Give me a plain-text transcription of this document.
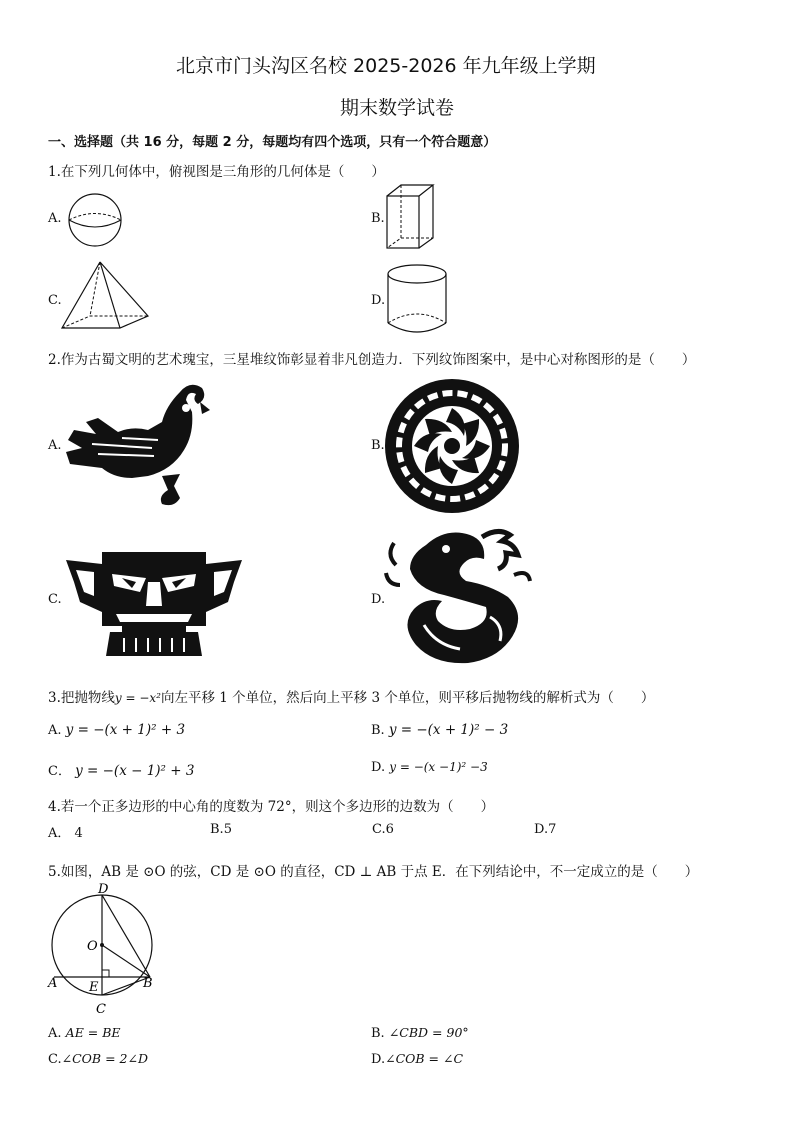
北京市门头沟区名校 2025-2026 年九年级上学期
期末数学试卷
一、选择题（共 16 分，每题 2 分，每题均有四个选项，只有一个符合题意）
1.在下列几何体中，俯视图是三角形的几何体是（　　）
A.	B.
C.	D.
2.作为古蜀文明的艺术瑰宝，三星堆纹饰彰显着非凡创造力．下列纹饰图案中，是中心对称图形的是（　　）
A.	B.
C.	D.
3.把抛物线y = −x²向左平移 1 个单位，然后向上平移 3 个单位，则平移后抛物线的解析式为（　　）
A. y = −(x + 1)² + 3	B. y = −(x + 1)² − 3
C． y = −(x − 1)² + 3	D. y = −(x −1)² −3
4.若一个正多边形的中心角的度数为 72°，则这个多边形的边数为（　　）
A． 4	B.5	C.6	D.7
5.如图，AB 是 ⊙O 的弦，CD 是 ⊙O 的直径，CD ⊥ AB 于点 E．在下列结论中，不一定成立的是（　　）
D
O
A E	B
C
A. AE = BE	B. ∠CBD = 90°
C.∠COB = 2∠D	D.∠COB = ∠C
